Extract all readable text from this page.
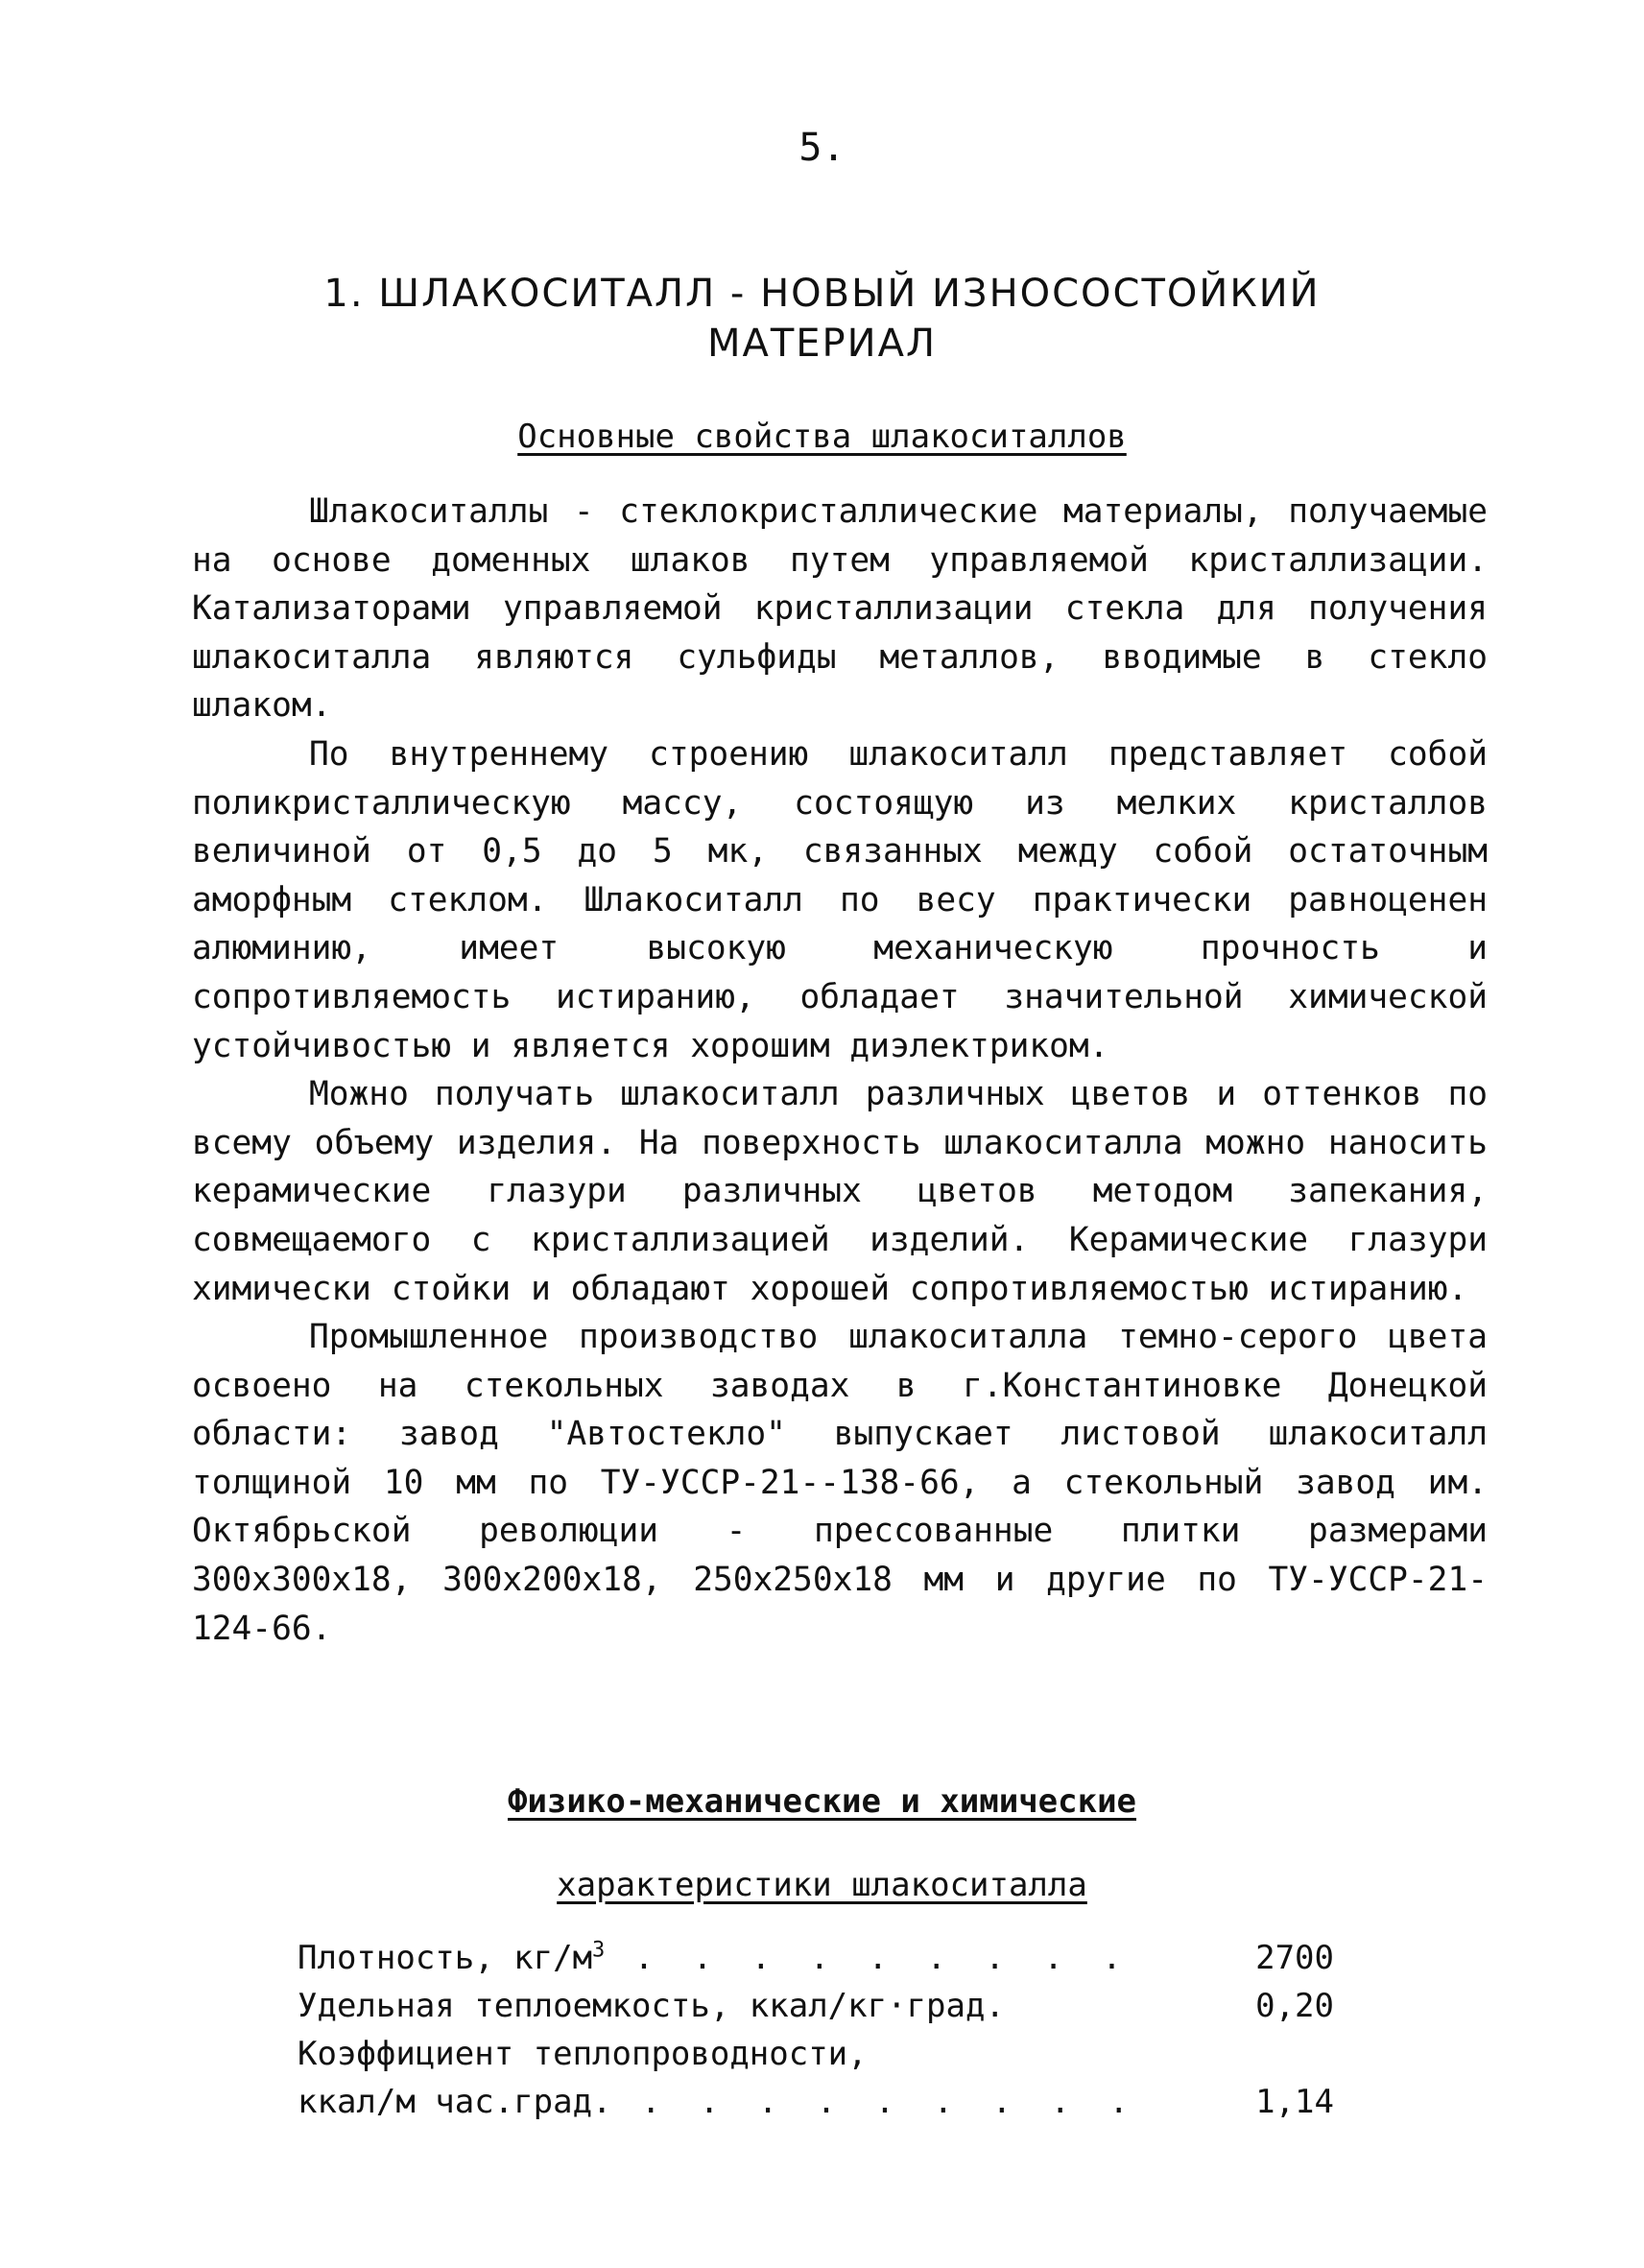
5.
1. ШЛАКОСИТАЛЛ - НОВЫЙ ИЗНОСОСТОЙКИЙ
МАТЕРИАЛ
Основные свойства шлакоситаллов

Шлакоситаллы - стеклокристаллические материалы, получаемые на основе доменных шлаков путем управляемой кристаллизации. Катализаторами управляемой кристаллизации стекла для получения шлакоситалла являются сульфиды металлов, вводимые в стекло шлаком.

По внутреннему строению шлакоситалл представляет собой поликристаллическую массу, состоящую из мелких кристаллов величиной от 0,5 до 5 мк, связанных между собой остаточным аморфным стеклом. Шлакоситалл по весу практически равноценен алюминию, имеет высокую механическую прочность и сопротивляемость истиранию, обладает значительной химической устойчивостью и является хорошим диэлектриком.

Можно получать шлакоситалл различных цветов и оттенков по всему объему изделия. На поверхность шлакоситалла можно наносить керамические глазури различных цветов методом запекания, совмещаемого с кристаллизацией изделий. Керамические глазури химически стойки и обладают хорошей сопротивляемостью истиранию.

Промышленное производство шлакоситалла темно-серого цвета освоено на стекольных заводах в г.Константиновке Донецкой области: завод "Автостекло" выпускает листовой шлакоситалл толщиной 10 мм по ТУ-УССР-21--138-66, а стекольный завод им. Октябрьской революции - прессованные плитки размерами 300x300x18, 300x200x18, 250x250x18 мм и другие по ТУ-УССР-21-124-66.

Физико-механические и химические
характеристики шлакоситалла
Плотность, $кг/м^3$ . . . . . . . . .	2700
Удельная теплоемкость, ккал/кг·град.	0,20
Коэффициент теплопроводности,
ккал/м час.град. . . . . . . . . .	1,14
